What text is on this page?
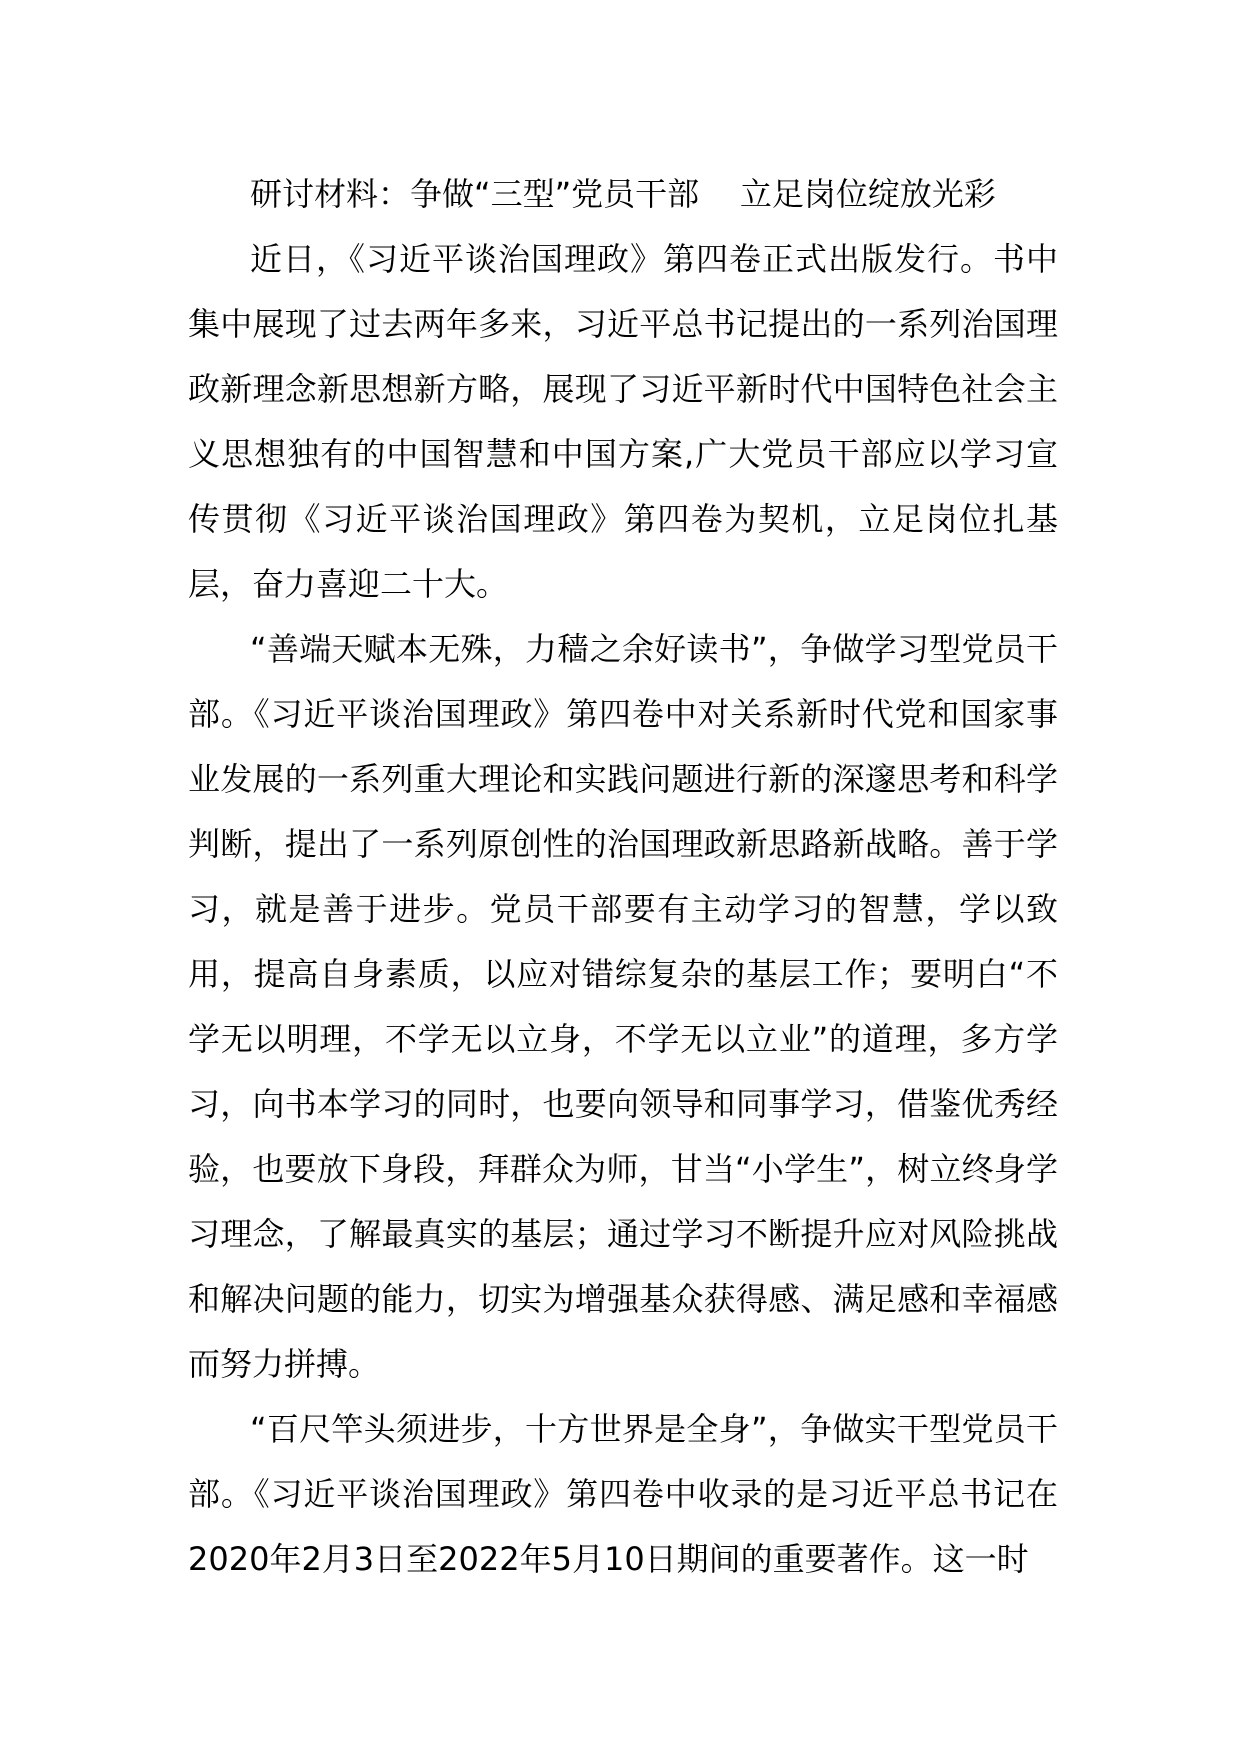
研讨材料：争做“三型”党员干部    立足岗位绽放光彩

近日，《习近平谈治国理政》第四卷正式出版发行。书中集中展现了过去两年多来，习近平总书记提出的一系列治国理政新理念新思想新方略，展现了习近平新时代中国特色社会主义思想独有的中国智慧和中国方案,广大党员干部应以学习宣传贯彻《习近平谈治国理政》第四卷为契机，立足岗位扎基层，奋力喜迎二十大。

“善端天赋本无殊，力穑之余好读书”，争做学习型党员干部。《习近平谈治国理政》第四卷中对关系新时代党和国家事业发展的一系列重大理论和实践问题进行新的深邃思考和科学判断，提出了一系列原创性的治国理政新思路新战略。善于学习，就是善于进步。党员干部要有主动学习的智慧，学以致用，提高自身素质，以应对错综复杂的基层工作；要明白“不学无以明理，不学无以立身，不学无以立业”的道理，多方学习，向书本学习的同时，也要向领导和同事学习，借鉴优秀经验，也要放下身段，拜群众为师，甘当“小学生”，树立终身学习理念，了解最真实的基层；通过学习不断提升应对风险挑战和解决问题的能力，切实为增强基众获得感、满足感和幸福感而努力拼搏。

“百尺竿头须进步，十方世界是全身”，争做实干型党员干部。《习近平谈治国理政》第四卷中收录的是习近平总书记在2020年2月3日至2022年5月10日期间的重要著作。这一时
